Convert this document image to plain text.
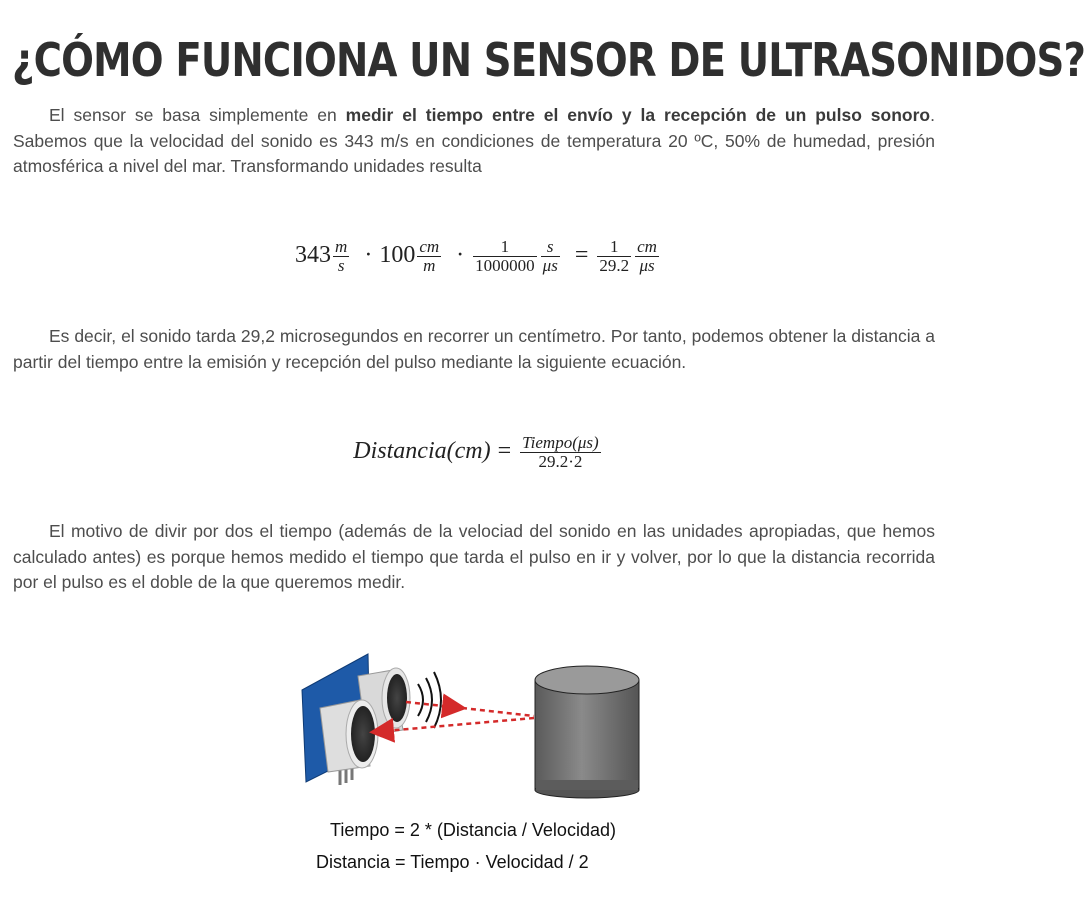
¿CÓMO FUNCIONA UN SENSOR DE ULTRASONIDOS?
El sensor se basa simplemente en medir el tiempo entre el envío y la recepción de un pulso sonoro. Sabemos que la velocidad del sonido es 343 m/s en condiciones de temperatura 20 ºC, 50% de humedad, presión atmosférica a nivel del mar. Transformando unidades resulta
$343 \frac{m}{s} \cdot 100 \frac{cm}{m} \cdot \frac{1}{1000000} \frac{s}{\mu s} = \frac{1}{29.2} \frac{cm}{\mu s}$
Es decir, el sonido tarda 29,2 microsegundos en recorrer un centímetro. Por tanto, podemos obtener la distancia a partir del tiempo entre la emisión y recepción del pulso mediante la siguiente ecuación.
Distancia(cm) = $\frac{\text{Tiempo(μs)}}{29.2\cdot 2}$
El motivo de divir por dos el tiempo (además de la velociad del sonido en las unidades apropiadas, que hemos calculado antes) es porque hemos medido el tiempo que tarda el pulso en ir y volver, por lo que la distancia recorrida por el pulso es el doble de la que queremos medir.
Tiempo = 2 * (Distancia / Velocidad)
Distancia = Tiempo · Velocidad / 2
